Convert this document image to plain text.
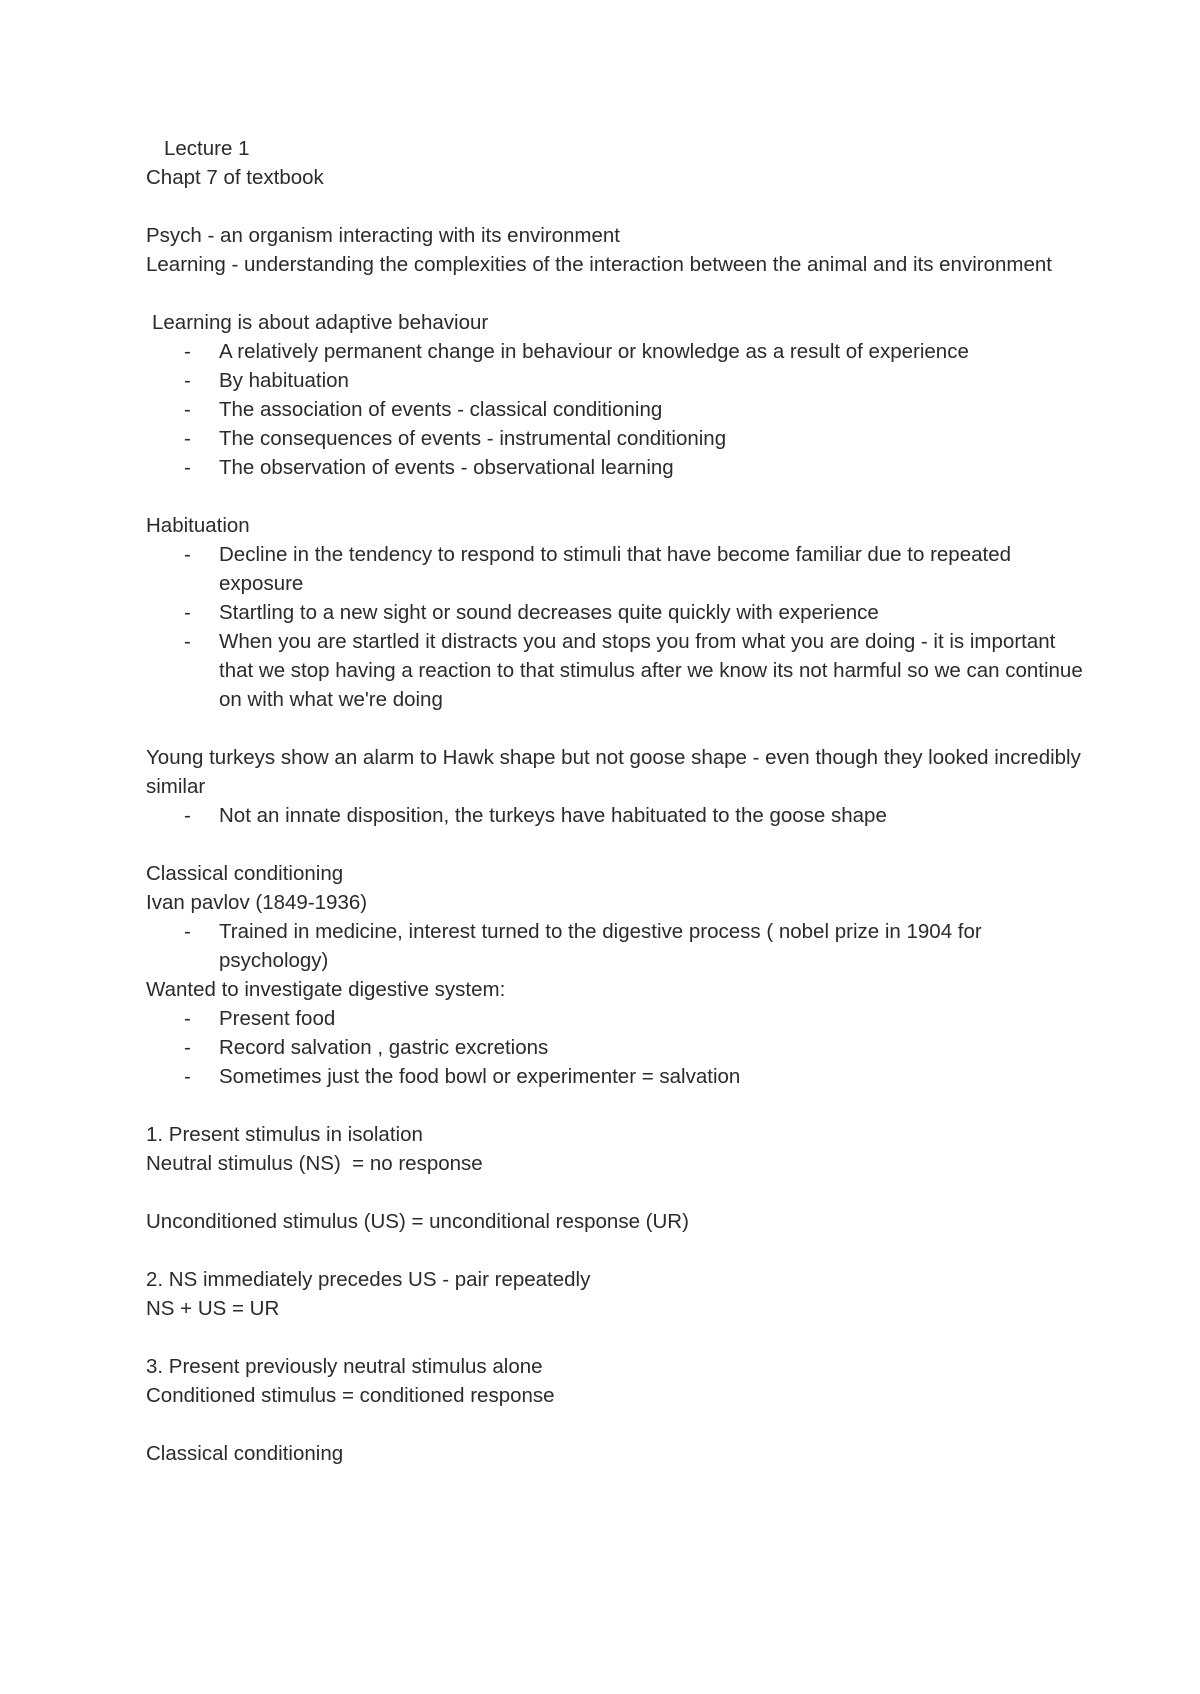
Lecture 1

Chapt 7 of textbook

Psych - an organism interacting with its environment

Learning - understanding the complexities of the interaction between the animal and its environment

Learning is about adaptive behaviour

- A relatively permanent change in behaviour or knowledge as a result of experience
- By habituation
- The association of events - classical conditioning
- The consequences of events - instrumental conditioning
- The observation of events - observational learning

Habituation

- Decline in the tendency to respond to stimuli that have become familiar due to repeated exposure
- Startling to a new sight or sound decreases quite quickly with experience
- When you are startled it distracts you and stops you from what you are doing - it is important that we stop having a reaction to that stimulus after we know its not harmful so we can continue on with what we're doing

Young turkeys show an alarm to Hawk shape but not goose shape - even though they looked incredibly similar

- Not an innate disposition, the turkeys have habituated to the goose shape

Classical conditioning

Ivan pavlov (1849-1936)

- Trained in medicine, interest turned to the digestive process ( nobel prize in 1904 for psychology)

Wanted to investigate digestive system:

- Present food
- Record salvation , gastric excretions
- Sometimes just the food bowl or experimenter = salvation

1. Present stimulus in isolation

Neutral stimulus (NS)  = no response

Unconditioned stimulus (US) = unconditional response (UR)

2. NS immediately precedes US - pair repeatedly

NS + US = UR

3. Present previously neutral stimulus alone

Conditioned stimulus = conditioned response

Classical conditioning
